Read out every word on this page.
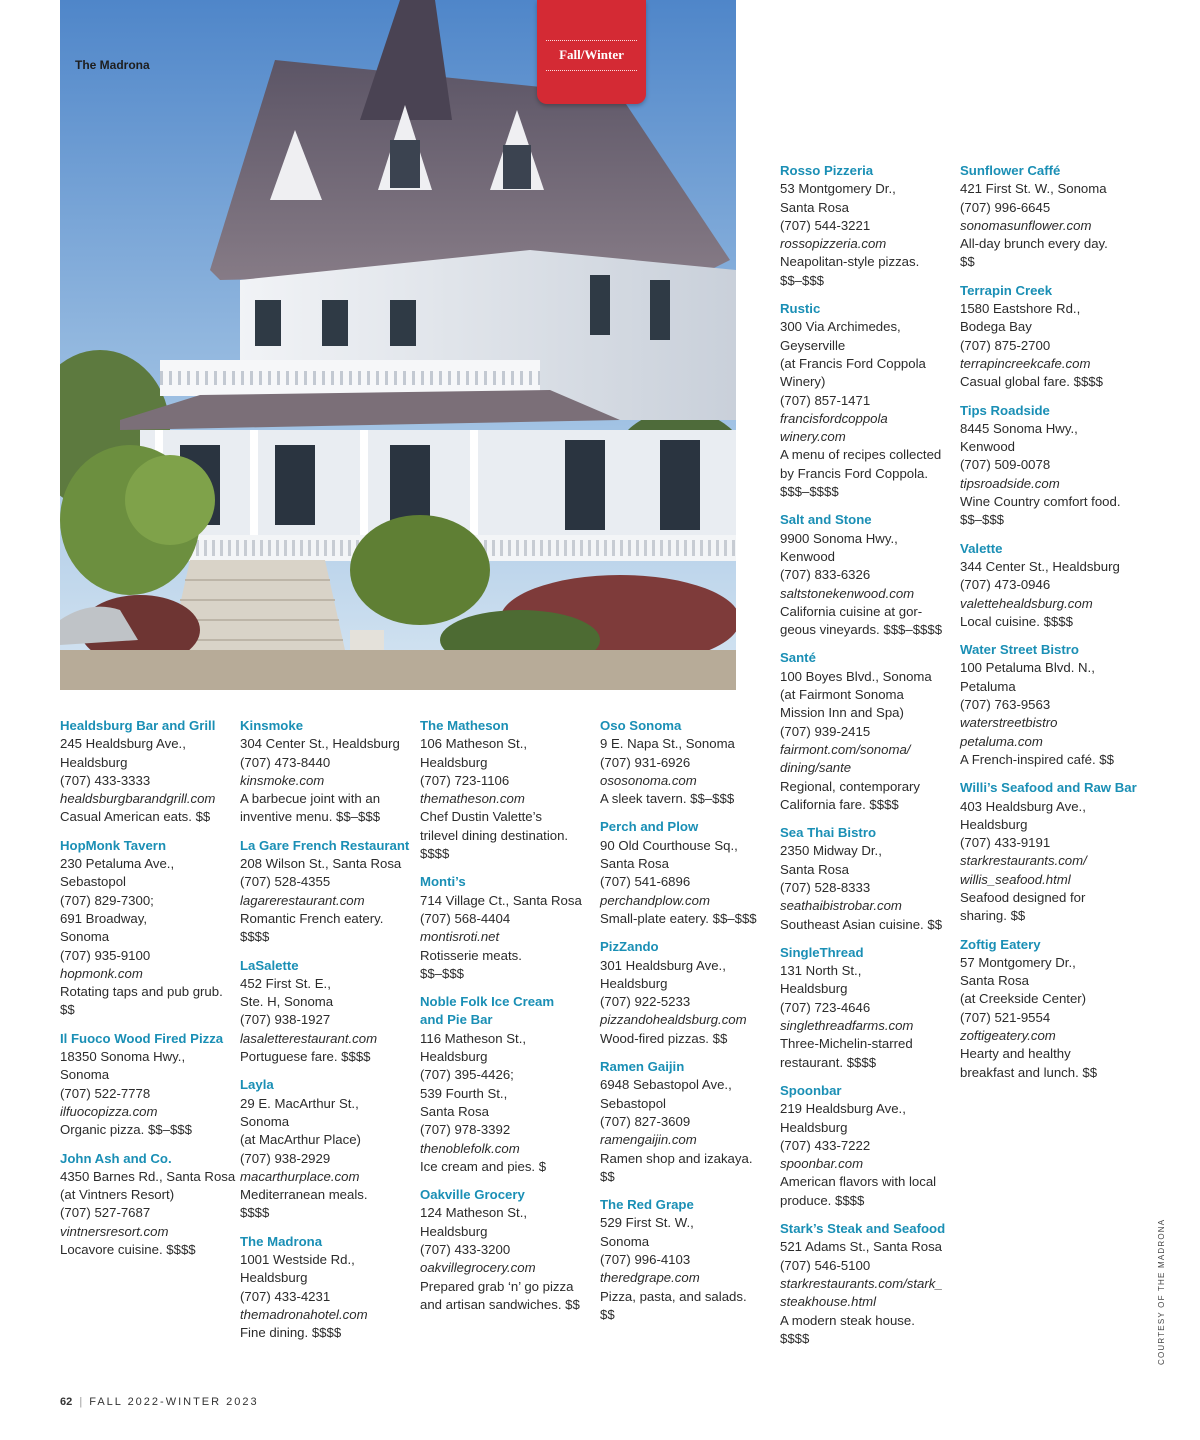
The Madrona
Fall/Winter
Healdsburg Bar and Grill
245 Healdsburg Ave.,
Healdsburg
(707) 433-3333
healdsburgbarandgrill.com
Casual American eats. $$
HopMonk Tavern
230 Petaluma Ave.,
Sebastopol
(707) 829-7300;
691 Broadway,
Sonoma
(707) 935-9100
hopmonk.com
Rotating taps and pub grub.
$$
Il Fuoco Wood Fired Pizza
18350 Sonoma Hwy.,
Sonoma
(707) 522-7778
ilfuocopizza.com
Organic pizza. $$–$$$
John Ash and Co.
4350 Barnes Rd., Santa Rosa
(at Vintners Resort)
(707) 527-7687
vintnersresort.com
Locavore cuisine. $$$$
Kinsmoke
304 Center St., Healdsburg
(707) 473-8440
kinsmoke.com
A barbecue joint with an
inventive menu. $$–$$$
La Gare French Restaurant
208 Wilson St., Santa Rosa
(707) 528-4355
lagarerestaurant.com
Romantic French eatery.
$$$$
LaSalette
452 First St. E.,
Ste. H, Sonoma
(707) 938-1927
lasaletterestaurant.com
Portuguese fare. $$$$
Layla
29 E. MacArthur St.,
Sonoma
(at MacArthur Place)
(707) 938-2929
macarthurplace.com
Mediterranean meals.
$$$$
The Madrona
1001 Westside Rd.,
Healdsburg
(707) 433-4231
themadronahotel.com
Fine dining. $$$$
The Matheson
106 Matheson St.,
Healdsburg
(707) 723-1106
thematheson.com
Chef Dustin Valette’s
trilevel dining destination.
$$$$
Monti’s
714 Village Ct., Santa Rosa
(707) 568-4404
montisroti.net
Rotisserie meats.
$$–$$$
Noble Folk Ice Cream
and Pie Bar
116 Matheson St.,
Healdsburg
(707) 395-4426;
539 Fourth St.,
Santa Rosa
(707) 978-3392
thenoblefolk.com
Ice cream and pies. $
Oakville Grocery
124 Matheson St.,
Healdsburg
(707) 433-3200
oakvillegrocery.com
Prepared grab ‘n’ go pizza
and artisan sandwiches. $$
Oso Sonoma
9 E. Napa St., Sonoma
(707) 931-6926
ososonoma.com
A sleek tavern. $$–$$$
Perch and Plow
90 Old Courthouse Sq.,
Santa Rosa
(707) 541-6896
perchandplow.com
Small-plate eatery. $$–$$$
PizZando
301 Healdsburg Ave.,
Healdsburg
(707) 922-5233
pizzandohealdsburg.com
Wood-fired pizzas. $$
Ramen Gaijin
6948 Sebastopol Ave.,
Sebastopol
(707) 827-3609
ramengaijin.com
Ramen shop and izakaya.
$$
The Red Grape
529 First St. W.,
Sonoma
(707) 996-4103
theredgrape.com
Pizza, pasta, and salads.
$$
Rosso Pizzeria
53 Montgomery Dr.,
Santa Rosa
(707) 544-3221
rossopizzeria.com
Neapolitan-style pizzas.
$$–$$$
Rustic
300 Via Archimedes,
Geyserville
(at Francis Ford Coppola
Winery)
(707) 857-1471
francisfordcoppola
winery.com
A menu of recipes collected
by Francis Ford Coppola.
$$$–$$$$
Salt and Stone
9900 Sonoma Hwy.,
Kenwood
(707) 833-6326
saltstonekenwood.com
California cuisine at gor-
geous vineyards. $$$–$$$$
Santé
100 Boyes Blvd., Sonoma
(at Fairmont Sonoma
Mission Inn and Spa)
(707) 939-2415
fairmont.com/sonoma/
dining/sante
Regional, contemporary
California fare. $$$$
Sea Thai Bistro
2350 Midway Dr.,
Santa Rosa
(707) 528-8333
seathaibistrobar.com
Southeast Asian cuisine. $$
SingleThread
131 North St.,
Healdsburg
(707) 723-4646
singlethreadfarms.com
Three-Michelin-starred
restaurant. $$$$
Spoonbar
219 Healdsburg Ave.,
Healdsburg
(707) 433-7222
spoonbar.com
American flavors with local
produce. $$$$
Stark’s Steak and Seafood
521 Adams St., Santa Rosa
(707) 546-5100
starkrestaurants.com/stark_
steakhouse.html
A modern steak house.
$$$$
Sunflower Caffé
421 First St. W., Sonoma
(707) 996-6645
sonomasunflower.com
All-day brunch every day.
$$
Terrapin Creek
1580 Eastshore Rd.,
Bodega Bay
(707) 875-2700
terrapincreekcafe.com
Casual global fare. $$$$
Tips Roadside
8445 Sonoma Hwy.,
Kenwood
(707) 509-0078
tipsroadside.com
Wine Country comfort food.
$$–$$$
Valette
344 Center St., Healdsburg
(707) 473-0946
valettehealdsburg.com
Local cuisine. $$$$
Water Street Bistro
100 Petaluma Blvd. N.,
Petaluma
(707) 763-9563
waterstreetbistro
petaluma.com
A French-inspired café. $$
Willi’s Seafood and Raw Bar
403 Healdsburg Ave.,
Healdsburg
(707) 433-9191
starkrestaurants.com/
willis_seafood.html
Seafood designed for
sharing. $$
Zoftig Eatery
57 Montgomery Dr.,
Santa Rosa
(at Creekside Center)
(707) 521-9554
zoftigeatery.com
Hearty and healthy
breakfast and lunch. $$
62 | FALL 2022-WINTER 2023
COURTESY OF THE MADRONA
